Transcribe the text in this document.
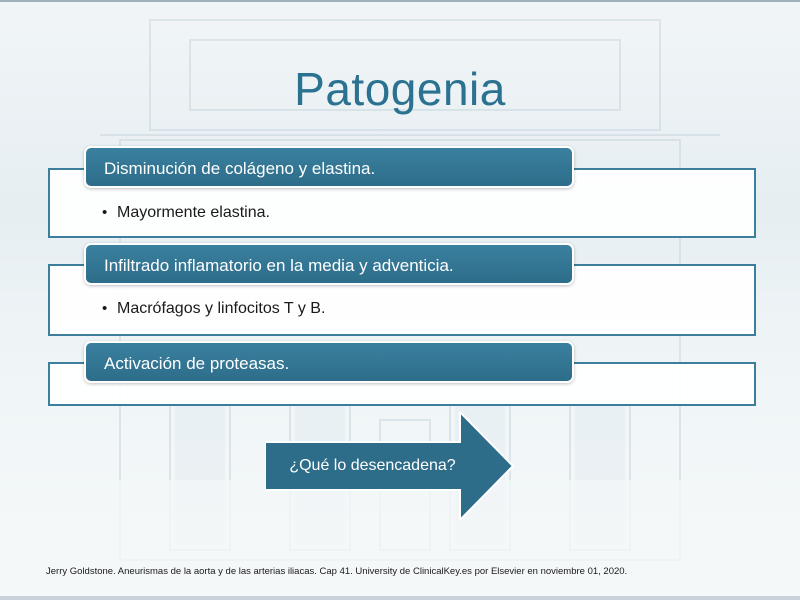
Patogenia
Disminución de colágeno y elastina.
• Mayormente elastina.
Infiltrado inflamatorio en la media y adventicia.
• Macrófagos y linfocitos T y B.
Activación de proteasas.
¿Qué lo desencadena?
Jerry Goldstone. Aneurismas de la aorta y de las arterias iliacas. Cap 41. University de ClinicalKey.es por Elsevier en noviembre 01, 2020.
